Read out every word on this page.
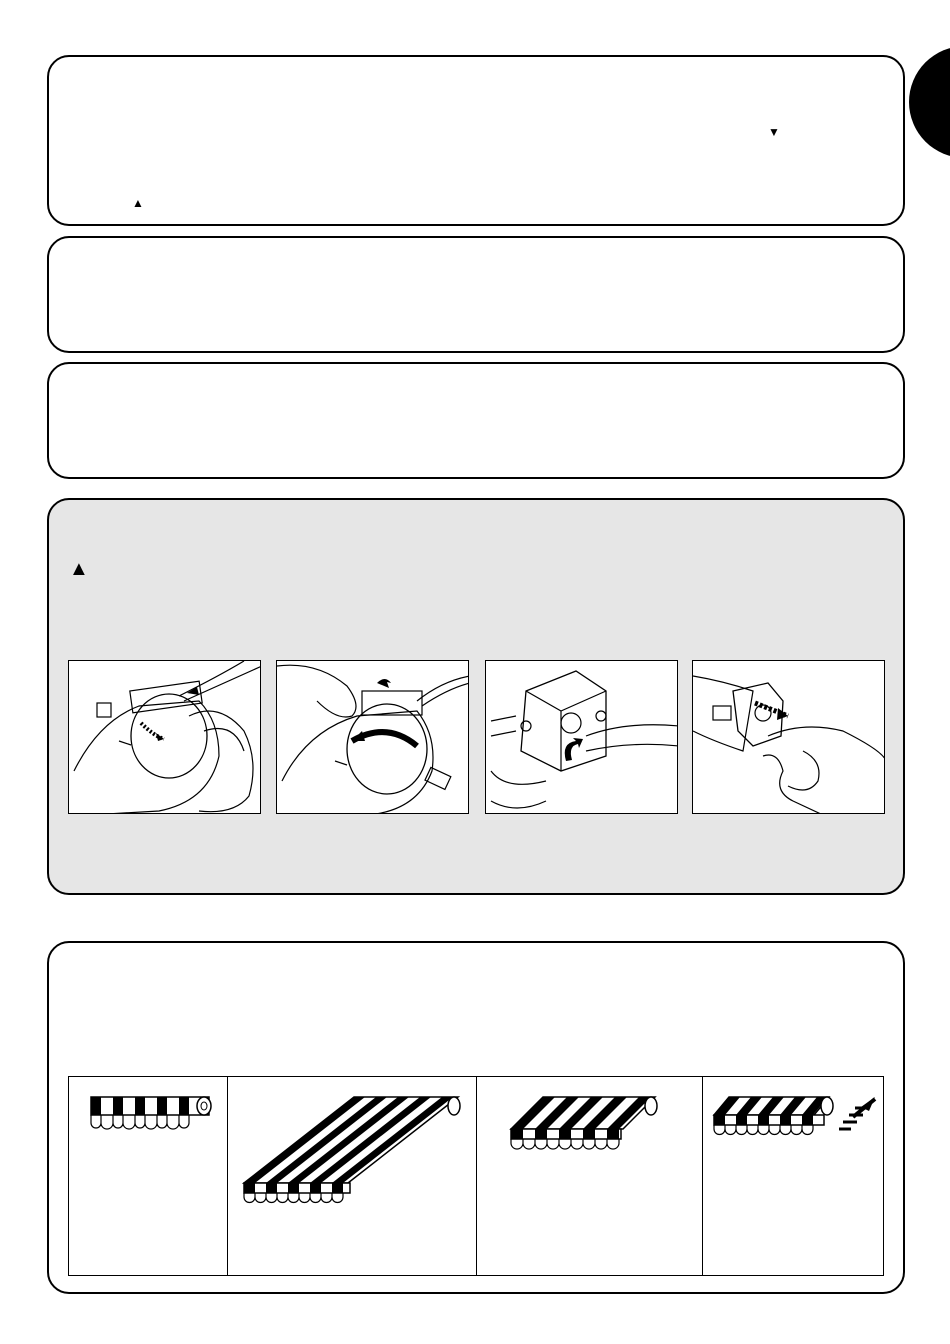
▼
▲
▲
